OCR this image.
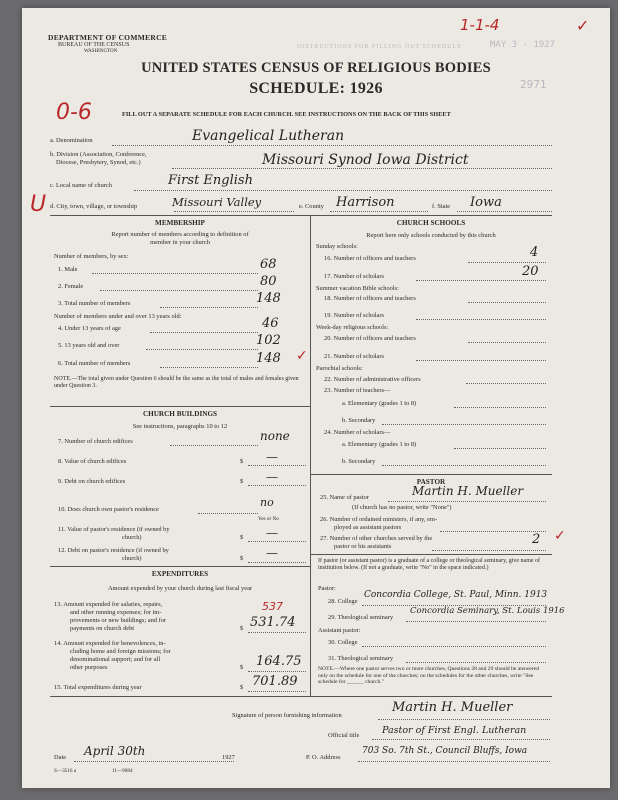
INSTRUCTIONS FOR FILLING OUT SCHEDULE
DEPARTMENT OF COMMERCE
BUREAU OF THE CENSUS
WASHINGTON
1-1-4	✓
MAY 3 - 1927
2971
UNITED STATES CENSUS OF RELIGIOUS BODIES
SCHEDULE: 1926
0-6	FILL OUT A SEPARATE SCHEDULE FOR EACH CHURCH. SEE INSTRUCTIONS ON THE BACK OF THIS SHEET
a. Denomination	Evangelical Lutheran
b. Division (Association, Conference,
Diocese, Presbytery, Synod, etc.)	Missouri Synod Iowa District
c. Local name of church	First English
U d. City, town, village, or township	Missouri Valley	e. County Harrison	f. State Iowa
MEMBERSHIP
Report number of members according to definition of
member in your church
Number of members, by sex:
1. Male	68
2. Female	80
3. Total number of members	148
Number of members under and over 13 years old:
4. Under 13 years of age	46
5. 13 years old and over	102
6. Total number of members	148 ✓
NOTE.—The total given under Question 6 should be the same as the total of males and females given under Question 3.
CHURCH BUILDINGS
See instructions, paragraphs 10 to 12
7. Number of church edifices	none
8. Value of church edifices	$ —
9. Debt on church edifices	$ —
10. Does church own pastor's residence
no
Yes or No
11. Value of pastor's residence (if owned by
church)	$ —
12. Debt on pastor's residence (if owned by
church)	$ —
EXPENDITURES
Amount expended by your church during last fiscal year
13. Amount expended for salaries, repairs,
and other running expenses; for im-
provements or new buildings; and for
payments on church debt	$
537
531.74
14. Amount expended for benevolences, in-
cluding home and foreign missions; for
denominational support; and for all
other purposes	$ 164.75
15. Total expenditures during year	$ 701.89
CHURCH SCHOOLS
Report here only schools conducted by this church
Sunday schools:
16. Number of officers and teachers	4
17. Number of scholars	20
Summer vacation Bible schools:
18. Number of officers and teachers
19. Number of scholars
Week-day religious schools:
20. Number of officers and teachers
21. Number of scholars
Parochial schools:
22. Number of administrative officers
23. Number of teachers—
a. Elementary (grades 1 to 8)
b. Secondary
24. Number of scholars—
a. Elementary (grades 1 to 8)
b. Secondary
PASTOR
25. Name of pastor	Martin H. Mueller
(If church has no pastor, write "None")
26. Number of ordained ministers, if any, em-
ployed as assistant pastors
27. Number of other churches served by the
pastor or his assistants	2 ✓
If pastor (or assistant pastor) is a graduate of a college or theological seminary, give name of institution below. (If not a graduate, write "No" in the space indicated.)
Pastor:
28. College
Concordia College, St. Paul, Minn. 1913
29. Theological seminary
Concordia Seminary, St. Louis 1916
Assistant pastor:
30. College
31. Theological seminary
NOTE.—Where one pastor serves two or more churches, Questions 28 and 29 should be answered only on the schedule for one of the churches; on the schedules for the other churches, write "See schedule for ______ church."
Signature of person furnishing information
Martin H. Mueller
Official title Pastor of First Engl. Lutheran
Date April 30th	1927	P. O. Address
703 So. 7th St., Council Bluffs, Iowa
S—3516 a	11—9084
